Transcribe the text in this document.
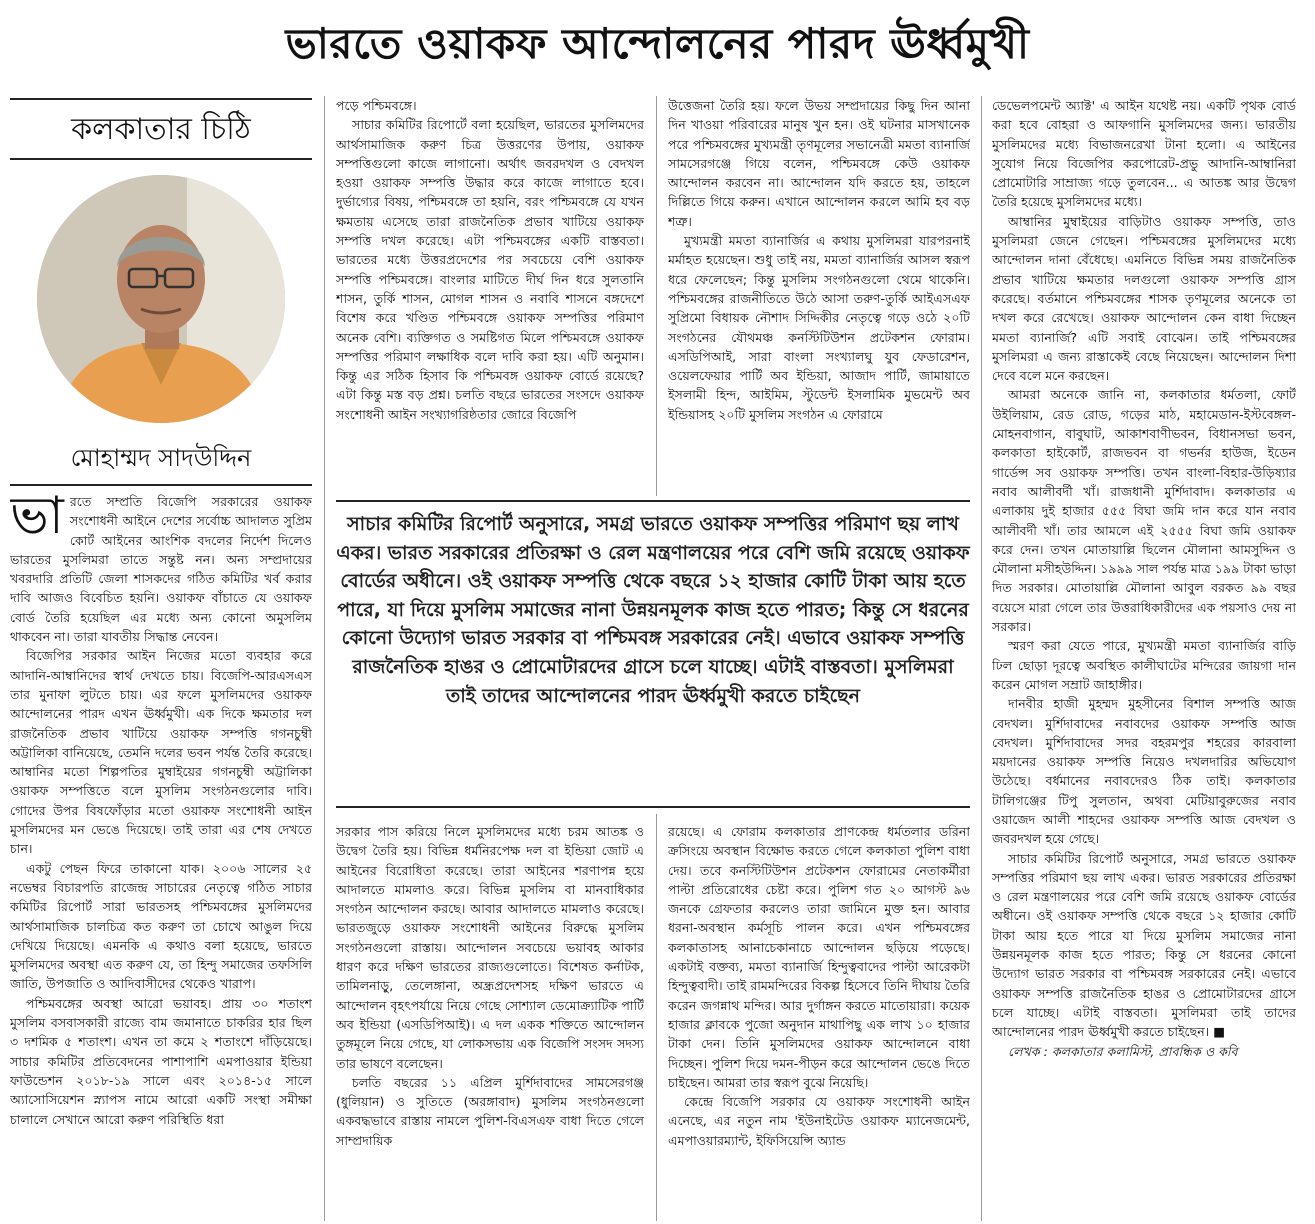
ভারতে ওয়াকফ আন্দোলনের পারদ ঊর্ধ্বমুখী
কলকাতার চিঠি
মোহাম্মদ সাদউদ্দিন

ভারতে সম্প্রতি বিজেপি সরকারের ওয়াকফ সংশোধনী আইনে দেশের সর্বোচ্চ আদালত সুপ্রিম কোর্ট আইনের আংশিক বদলের নির্দেশ দিলেও ভারতের মুসলিমরা তাতে সন্তুষ্ট নন। অন্য সম্প্রদায়ের খবরদারি প্রতিটি জেলা শাসকদের গঠিত কমিটির খর্ব করার দাবি আজও বিবেচিত হয়নি। ওয়াকফ বাঁচাতে যে ওয়াকফ বোর্ড তৈরি হয়েছিল এর মধ্যে অন্য কোনো অমুসলিম থাকবেন না। তারা যাবতীয় সিদ্ধান্ত নেবেন।

বিজেপির সরকার আইন নিজের মতো ব্যবহার করে আদানি-আম্বানিদের স্বার্থ দেখতে চায়। বিজেপি-আরএসএস তার মুনাফা লুটতে চায়। এর ফলে মুসলিমদের ওয়াকফ আন্দোলনের পারদ এখন ঊর্ধ্বমুখী। এক দিকে ক্ষমতার দল রাজনৈতিক প্রভাব খাটিয়ে ওয়াকফ সম্পত্তি গগনচুম্বী অট্টালিকা বানিয়েছে, তেমনি দলের ভবন পর্যন্ত তৈরি করেছে। আম্বানির মতো শিল্পপতির মুম্বাইয়ের গগনচুম্বী অট্টালিকা ওয়াকফ সম্পত্তিতে বলে মুসলিম সংগঠনগুলোর দাবি। গোদের উপর বিষফোঁড়ার মতো ওয়াকফ সংশোধনী আইন মুসলিমদের মন ভেঙে দিয়েছে। তাই তারা এর শেষ দেখতে চান।

একটু পেছন ফিরে তাকানো যাক। ২০০৬ সালের ২৫ নভেম্বর বিচারপতি রাজেন্দ্র সাচারের নেতৃত্বে গঠিত সাচার কমিটির রিপোর্ট সারা ভারতসহ পশ্চিমবঙ্গের মুসলিমদের আর্থসামাজিক চালচিত্র কত করুণ তা চোখে আঙুল দিয়ে দেখিয়ে দিয়েছে। এমনকি এ কথাও বলা হয়েছে, ভারতে মুসলিমদের অবস্থা এত করুণ যে, তা হিন্দু সমাজের তফসিলি জাতি, উপজাতি ও আদিবাসীদের থেকেও খারাপ।

পশ্চিমবঙ্গের অবস্থা আরো ভয়াবহ। প্রায় ৩০ শতাংশ মুসলিম বসবাসকারী রাজ্যে বাম জমানাতে চাকরির হার ছিল ৩ দশমিক ৫ শতাংশ। এখন তা কমে ২ শতাংশে দাঁড়িয়েছে। সাচার কমিটির প্রতিবেদনের পাশাপাশি এমপাওয়ার ইন্ডিয়া ফাউন্ডেশন ২০১৮-১৯ সালে এবং ২০১৪-১৫ সালে অ্যাসোসিয়েশন স্ন্যাপস নামে আরো একটি সংস্থা সমীক্ষা চালালে সেখানে আরো করুণ পরিস্থিতি ধরা

পড়ে পশ্চিমবঙ্গে।

সাচার কমিটির রিপোর্টে বলা হয়েছিল, ভারতের মুসলিমদের আর্থসামাজিক করুণ চিত্র উত্তরণের উপায়, ওয়াকফ সম্পত্তিগুলো কাজে লাগানো। অর্থাৎ জবরদখল ও বেদখল হওয়া ওয়াকফ সম্পত্তি উদ্ধার করে কাজে লাগাতে হবে। দুর্ভাগ্যের বিষয়, পশ্চিমবঙ্গে তা হয়নি, বরং পশ্চিমবঙ্গে যে যখন ক্ষমতায় এসেছে তারা রাজনৈতিক প্রভাব খাটিয়ে ওয়াকফ সম্পত্তি দখল করেছে। এটা পশ্চিমবঙ্গের একটি বাস্তবতা। ভারতের মধ্যে উত্তরপ্রদেশের পর সবচেয়ে বেশি ওয়াকফ সম্পত্তি পশ্চিমবঙ্গে। বাংলার মাটিতে দীর্ঘ দিন ধরে সুলতানি শাসন, তুর্কি শাসন, মোগল শাসন ও নবাবি শাসনে বঙ্গদেশে বিশেষ করে খণ্ডিত পশ্চিমবঙ্গে ওয়াকফ সম্পত্তির পরিমাণ অনেক বেশি। ব্যক্তিগত ও সমষ্টিগত মিলে পশ্চিমবঙ্গে ওয়াকফ সম্পত্তির পরিমাণ লক্ষাধিক বলে দাবি করা হয়। এটি অনুমান। কিন্তু এর সঠিক হিসাব কি পশ্চিমবঙ্গ ওয়াকফ বোর্ডে রয়েছে? এটা কিন্তু মস্ত বড় প্রশ্ন। চলতি বছরে ভারতের সংসদে ওয়াকফ সংশোধনী আইন সংখ্যাগরিষ্ঠতার জোরে বিজেপি

উত্তেজনা তৈরি হয়। ফলে উভয় সম্প্রদায়ের কিছু দিন আনা দিন খাওয়া পরিবারের মানুষ খুন হন। ওই ঘটনার মাসখানেক পরে পশ্চিমবঙ্গের মুখ্যমন্ত্রী তৃণমূলের সভানেত্রী মমতা ব্যানার্জি সামসেরগঞ্জে গিয়ে বলেন, পশ্চিমবঙ্গে কেউ ওয়াকফ আন্দোলন করবেন না। আন্দোলন যদি করতে হয়, তাহলে দিল্লিতে গিয়ে করুন। এখানে আন্দোলন করলে আমি হব বড় শত্রু।

মুখ্যমন্ত্রী মমতা ব্যানার্জির এ কথায় মুসলিমরা যারপরনাই মর্মাহত হয়েছেন। শুধু তাই নয়, মমতা ব্যানার্জির আসল স্বরূপ ধরে ফেলেছেন; কিন্তু মুসলিম সংগঠনগুলো থেমে থাকেনি। পশ্চিমবঙ্গের রাজনীতিতে উঠে আসা তরুণ-তুর্কি আইএসএফ সুপ্রিমো বিধায়ক নৌশাদ সিদ্দিকীর নেতৃত্বে গড়ে ওঠে ২০টি সংগঠনের যৌথমঞ্চ কনস্টিটিউশন প্রটেকশন ফোরাম। এসডিপিআই, সারা বাংলা সংখ্যালঘু যুব ফেডারেশন, ওয়েলফেয়ার পার্টি অব ইন্ডিয়া, আজাদ পার্টি, জামায়াতে ইসলামী হিন্দ, আইমিম, স্টুডেন্ট ইসলামিক মুভমেন্ট অব ইন্ডিয়াসহ ২০টি মুসলিম সংগঠন এ ফোরামে

সাচার কমিটির রিপোর্ট অনুসারে, সমগ্র ভারতে ওয়াকফ সম্পত্তির পরিমাণ ছয় লাখ একর। ভারত সরকারের প্রতিরক্ষা ও রেল মন্ত্রণালয়ের পরে বেশি জমি রয়েছে ওয়াকফ বোর্ডের অধীনে। ওই ওয়াকফ সম্পত্তি থেকে বছরে ১২ হাজার কোটি টাকা আয় হতে পারে, যা দিয়ে মুসলিম সমাজের নানা উন্নয়নমূলক কাজ হতে পারত; কিন্তু সে ধরনের কোনো উদ্যোগ ভারত সরকার বা পশ্চিমবঙ্গ সরকারের নেই। এভাবে ওয়াকফ সম্পত্তি রাজনৈতিক হাঙর ও প্রোমোটারদের গ্রাসে চলে যাচ্ছে। এটাই বাস্তবতা। মুসলিমরা তাই তাদের আন্দোলনের পারদ ঊর্ধ্বমুখী করতে চাইছেন

সরকার পাস করিয়ে নিলে মুসলিমদের মধ্যে চরম আতঙ্ক ও উদ্বেগ তৈরি হয়। বিভিন্ন ধর্মনিরপেক্ষ দল বা ইন্ডিয়া জোট এ আইনের বিরোধিতা করেছে। তারা আইনের শরণাপন্ন হয়ে আদালতে মামলাও করে। বিভিন্ন মুসলিম বা মানবাধিকার সংগঠন আন্দোলন করছে। আবার আদালতে মামলাও করেছে। ভারতজুড়ে ওয়াকফ সংশোধনী আইনের বিরুদ্ধে মুসলিম সংগঠনগুলো রাস্তায়। আন্দোলন সবচেয়ে ভয়াবহ আকার ধারণ করে দক্ষিণ ভারতের রাজ্যগুলোতে। বিশেষত কর্নাটক, তামিলনাড়ু, তেলেঙ্গানা, অন্ধ্রপ্রদেশসহ দক্ষিণ ভারতে এ আন্দোলন বৃহৎপর্যায়ে নিয়ে গেছে সোশ্যাল ডেমোক্র্যাটিক পার্টি অব ইন্ডিয়া (এসডিপিআই)। এ দল একক শক্তিতে আন্দোলন তুঙ্গমূলে নিয়ে গেছে, যা লোকসভায় এক বিজেপি সংসদ সদস্য তার ভাষণে বলেছেন।

চলতি বছরের ১১ এপ্রিল মুর্শিদাবাদের সামসেরগঞ্জ (ধুলিয়ান) ও সুতিতে (অরঙ্গাবাদ) মুসলিম সংগঠনগুলো একবদ্ধভাবে রাস্তায় নামলে পুলিশ-বিএসএফ বাধা দিতে গেলে সাম্প্রদায়িক

রয়েছে। এ ফোরাম কলকাতার প্রাণকেন্দ্র ধর্মতলার ডরিনা ক্রসিংয়ে অবস্থান বিক্ষোভ করতে গেলে কলকাতা পুলিশ বাধা দেয়। তবে কনস্টিটিউশন প্রটেকশন ফোরামের নেতাকর্মীরা পাল্টা প্রতিরোধের চেষ্টা করে। পুলিশ গত ২০ আগস্ট ৯৬ জনকে গ্রেফতার করলেও তারা জামিনে মুক্ত হন। আবার ধরনা-অবস্থান কর্মসূচি পালন করে। এখন পশ্চিমবঙ্গের কলকাতাসহ আনাচেকানাচে আন্দোলন ছড়িয়ে পড়েছে। একটাই বক্তব্য, মমতা ব্যানার্জি হিন্দুত্ববাদের পাল্টা আরেকটা হিন্দুত্ববাদী। তাই রামমন্দিরের বিকল্প হিসেবে তিনি দীঘায় তৈরি করেন জগন্নাথ মন্দির। আর দুর্গাঙ্গন করতে মাতোয়ারা। কয়েক হাজার ক্লাবকে পুজো অনুদান মাথাপিছু এক লাখ ১০ হাজার টাকা দেন। তিনি মুসলিমদের ওয়াকফ আন্দোলনে বাধা দিচ্ছেন। পুলিশ দিয়ে দমন-পীড়ন করে আন্দোলন ভেঙে দিতে চাইছেন। আমরা তার স্বরূপ বুঝে নিয়েছি।

কেন্দ্রে বিজেপি সরকার যে ওয়াকফ সংশোধনী আইন এনেছে, এর নতুন নাম 'ইউনাইটেড ওয়াকফ ম্যানেজমেন্ট, এমপাওয়ারম্যান্ট, ইফিসিয়েন্সি অ্যান্ড

ডেভেলপমেন্ট অ্যাক্ট' এ আইন যথেষ্ট নয়। একটি পৃথক বোর্ড করা হবে বোহরা ও আফগানি মুসলিমদের জন্য। ভারতীয় মুসলিমদের মধ্যে বিভাজনরেখা টানা হলো। এ আইনের সুযোগ নিয়ে বিজেপির করপোরেট-প্রভু আদানি-আম্বানিরা প্রোমোটারি সাম্রাজ্য গড়ে তুলবেন... এ আতঙ্ক আর উদ্বেগ তৈরি হয়েছে মুসলিমদের মধ্যে।

আম্বানির মুম্বাইয়ের বাড়িটাও ওয়াকফ সম্পত্তি, তাও মুসলিমরা জেনে গেছেন। পশ্চিমবঙ্গের মুসলিমদের মধ্যে আন্দোলন দানা বেঁধেছে। এমনিতে বিভিন্ন সময় রাজনৈতিক প্রভাব খাটিয়ে ক্ষমতার দলগুলো ওয়াকফ সম্পত্তি গ্রাস করেছে। বর্তমানে পশ্চিমবঙ্গের শাসক তৃণমূলের অনেকে তা দখল করে রেখেছে। ওয়াকফ আন্দোলন কেন বাধা দিচ্ছেন মমতা ব্যানার্জি? এটি সবাই বোঝেন। তাই পশ্চিমবঙ্গের মুসলিমরা এ জন্য রাস্তাকেই বেছে নিয়েছেন। আন্দোলন দিশা দেবে বলে মনে করছেন।

আমরা অনেকে জানি না, কলকাতার ধর্মতলা, ফোর্ট উইলিয়াম, রেড রোড, গড়ের মাঠ, মহামেডান-ইস্টবেঙ্গল-মোহনবাগান, বাবুঘাট, আকাশবাণীভবন, বিধানসভা ভবন, কলকাতা হাইকোর্ট, রাজভবন বা গভর্নর হাউজ, ইডেন গার্ডেন্স সব ওয়াকফ সম্পত্তি। তখন বাংলা-বিহার-উড়িষ্যার নবাব আলীবর্দী খাঁ। রাজধানী মুর্শিদাবাদ। কলকাতার এ এলাকায় দুই হাজার ৫৫৫ বিঘা জমি দান করে যান নবাব আলীবর্দী খাঁ। তার আমলে এই ২৫৫৫ বিঘা জমি ওয়াকফ করে দেন। তখন মোতায়াল্লি ছিলেন মৌলানা আমসুদ্দিন ও মৌলানা মসীহউদ্দিন। ১৯৯৯ সাল পর্যন্ত মাত্র ১৯৯ টাকা ভাড়া দিত সরকার। মোতায়াল্লি মৌলানা আবুল বরকত ৯৯ বছর বয়েসে মারা গেলে তার উত্তরাধিকারীদের এক পয়সাও দেয় না সরকার।

স্মরণ করা যেতে পারে, মুখ্যমন্ত্রী মমতা ব্যানার্জির বাড়ি ঢিল ছোড়া দূরত্বে অবস্থিত কালীঘাটের মন্দিরের জায়গা দান করেন মোগল সম্রাট জাহাঙ্গীর।

দানবীর হাজী মুহম্মদ মুহসীনের বিশাল সম্পত্তি আজ বেদখল। মুর্শিদাবাদের নবাবদের ওয়াকফ সম্পত্তি আজ বেদখল। মুর্শিদাবাদের সদর বহরমপুর শহরের কারবালা ময়দানের ওয়াকফ সম্পত্তি নিয়েও দখলদারির অভিযোগ উঠেছে। বর্ধমানের নবাবদেরও ঠিক তাই। কলকাতার টালিগঞ্জের টিপু সুলতান, অথবা মেটিয়াবুরুজের নবাব ওয়াজেদ আলী শাহদের ওয়াকফ সম্পত্তি আজ বেদখল ও জবরদখল হয়ে গেছে।

সাচার কমিটির রিপোর্ট অনুসারে, সমগ্র ভারতে ওয়াকফ সম্পত্তির পরিমাণ ছয় লাখ একর। ভারত সরকারের প্রতিরক্ষা ও রেল মন্ত্রণালয়ের পরে বেশি জমি রয়েছে ওয়াকফ বোর্ডের অধীনে। ওই ওয়াকফ সম্পত্তি থেকে বছরে ১২ হাজার কোটি টাকা আয় হতে পারে যা দিয়ে মুসলিম সমাজের নানা উন্নয়নমূলক কাজ হতে পারত; কিন্তু সে ধরনের কোনো উদ্যোগ ভারত সরকার বা পশ্চিমবঙ্গ সরকারের নেই। এভাবে ওয়াকফ সম্পত্তি রাজনৈতিক হাঙর ও প্রোমোটারদের গ্রাসে চলে যাচ্ছে। এটাই বাস্তবতা। মুসলিমরা তাই তাদের আন্দোলনের পারদ ঊর্ধ্বমুখী করতে চাইছেন। ■

লেখক : কলকাতার কলামিস্ট, প্রাবন্ধিক ও কবি
